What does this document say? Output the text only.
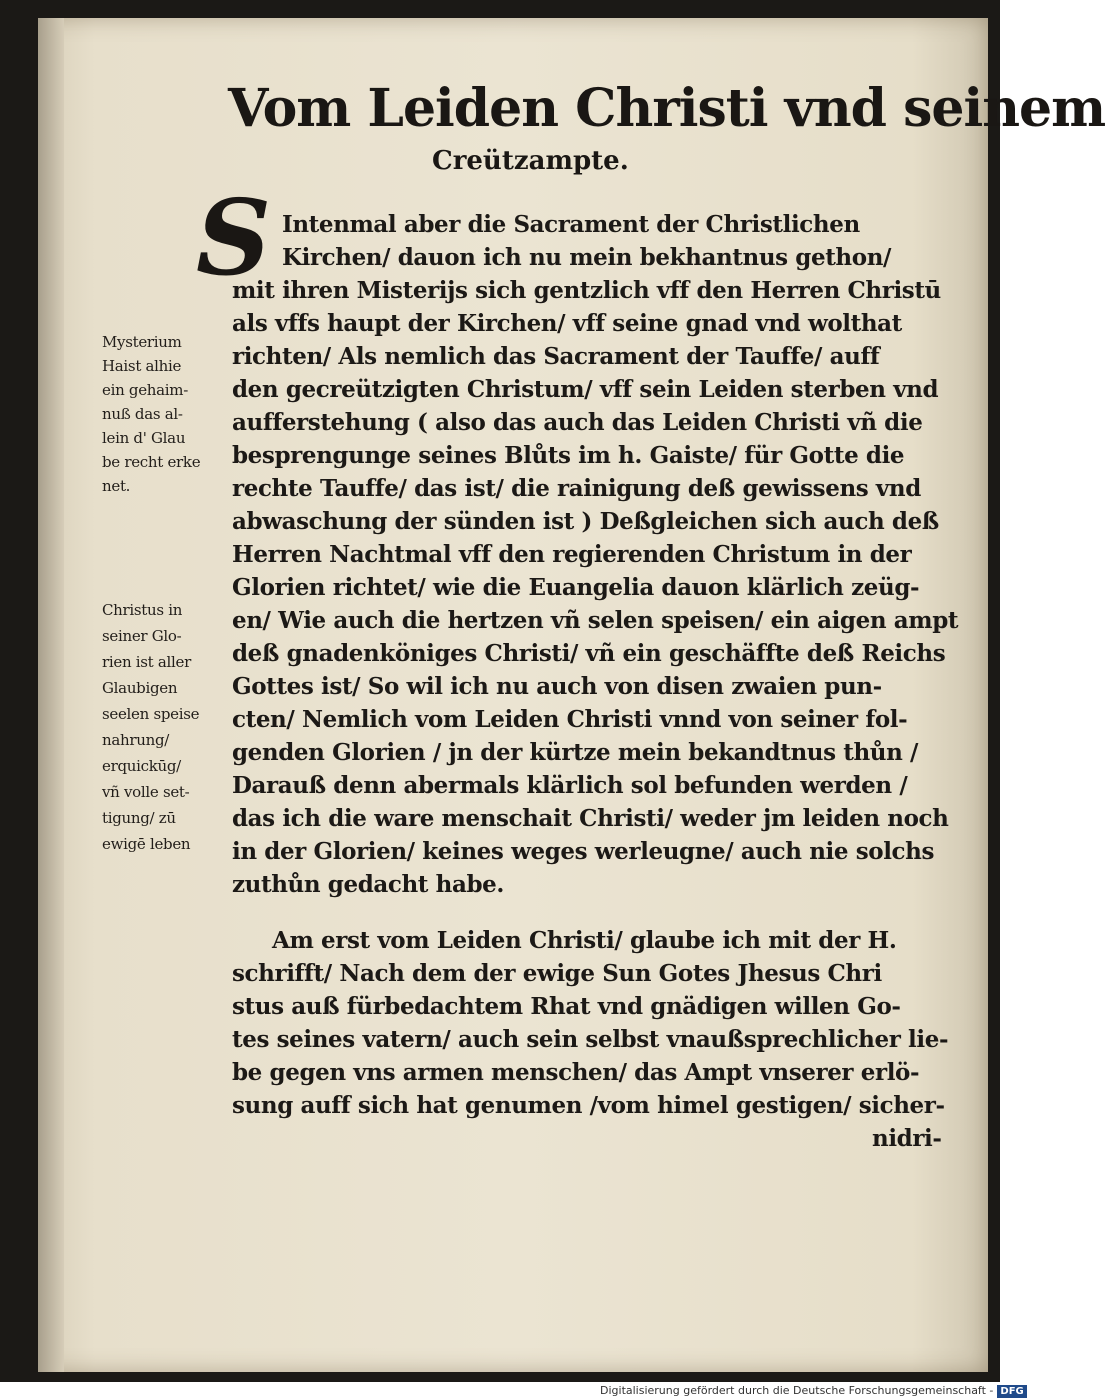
Vom Leiden Christi vnd seinem
Creützampte.
S Intenmal aber die Sacrament der Christlichen
Kirchen/ dauon ich nu mein bekhantnus gethon/
mit ihren Misterijs sich gentzlich vff den Herren Christū
als vffs haupt der Kirchen/ vff seine gnad vnd wolthat
richten/ Als nemlich das Sacrament der Tauffe/ auff
den gecreützigten Christum/ vff sein Leiden sterben vnd
aufferstehung ( also das auch das Leiden Christi vñ die
besprengunge seines Blůts im h. Gaiste/ für Gotte die
rechte Tauffe/ das ist/ die rainigung deß gewissens vnd
abwaschung der sünden ist ) Deßgleichen sich auch deß
Herren Nachtmal vff den regierenden Christum in der
Glorien richtet/ wie die Euangelia dauon klärlich zeüg-
en/ Wie auch die hertzen vñ selen speisen/ ein aigen ampt
deß gnadenköniges Christi/ vñ ein geschäffte deß Reichs
Gottes ist/ So wil ich nu auch von disen zwaien pun-
cten/ Nemlich vom Leiden Christi vnnd von seiner fol-
genden Glorien / jn der kürtze mein bekandtnus thůn /
Darauß denn abermals klärlich sol befunden werden /
das ich die ware menschait Christi/ weder jm leiden noch
in der Glorien/ keines weges werleugne/ auch nie solchs
zuthůn gedacht habe.
Am erst vom Leiden Christi/ glaube ich mit der H.
schrifft/ Nach dem der ewige Sun Gotes Jhesus Chri
stus auß fürbedachtem Rhat vnd gnädigen willen Go-
tes seines vatern/ auch sein selbst vnaußsprechlicher lie-
be gegen vns armen menschen/ das Ampt vnserer erlö-
sung auff sich hat genumen /vom himel gestigen/ sicher-
nidri-
Mysterium
Haist alhie
ein gehaim-
nuß das al-
lein d' Glau
be recht erke
net.
Christus in
seiner Glo-
rien ist aller
Glaubigen
seelen speise
nahrung/
erquickūg/
vñ volle set-
tigung/ zū
ewigē leben
Digitalisierung gefördert durch die Deutsche Forschungsgemeinschaft - DFG
